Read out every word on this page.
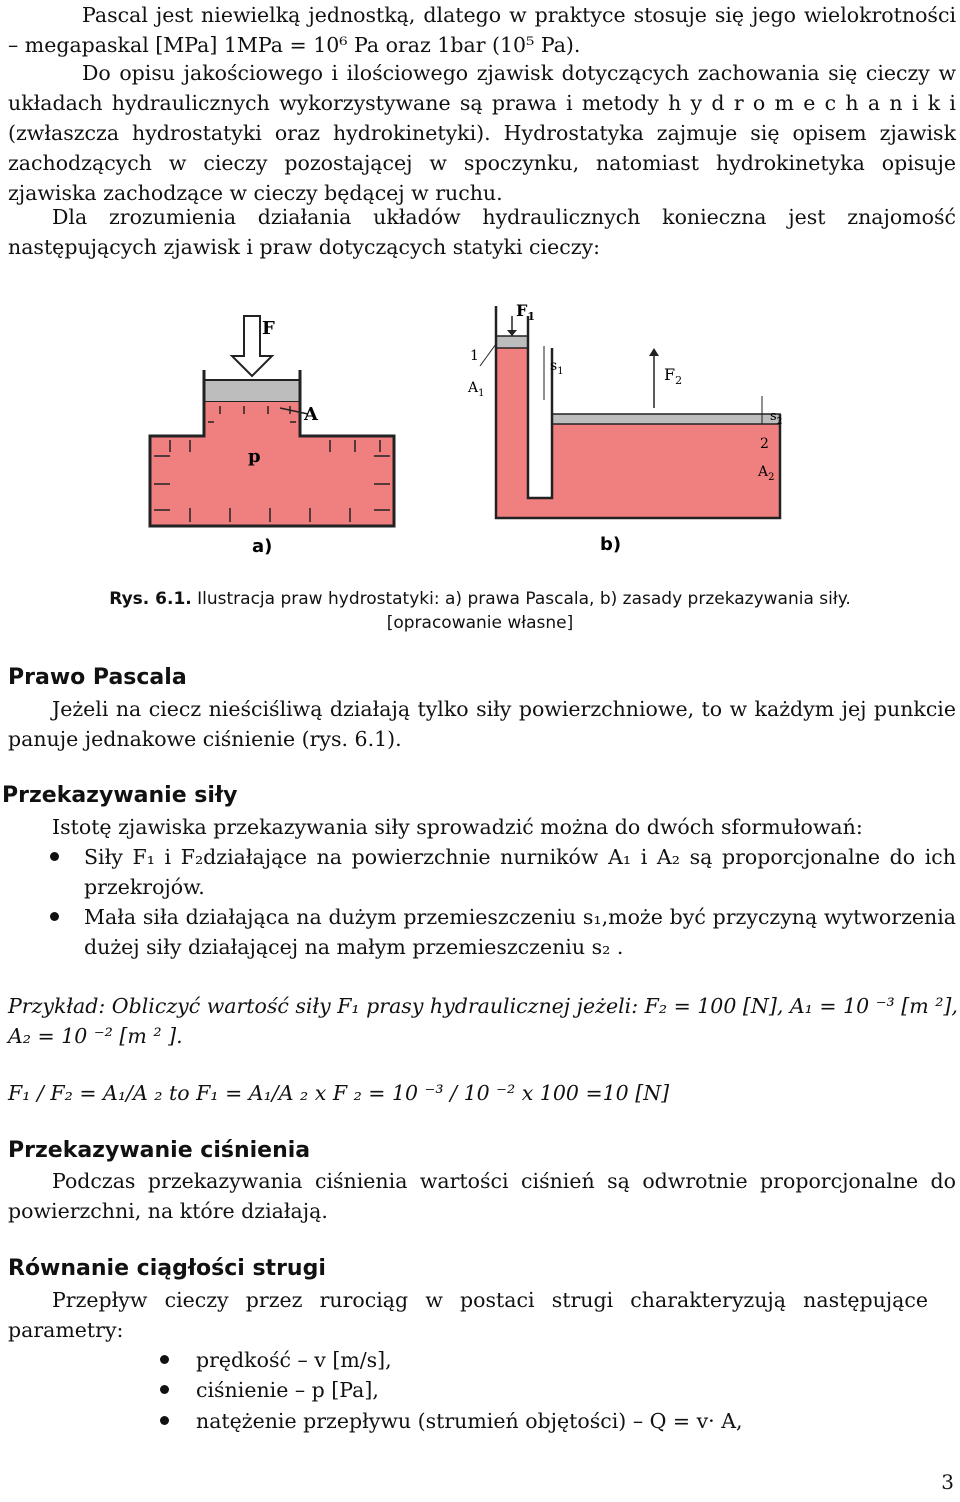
Pascal jest niewielką jednostką, dlatego w praktyce stosuje się jego wielokrotności – megapaskal [MPa] 1MPa = 10⁶ Pa oraz 1bar (10⁵ Pa).

Do opisu jakościowego i ilościowego zjawisk dotyczących zachowania się cieczy w układach hydraulicznych wykorzystywane są prawa i metody h y d r o m e c h a n i k i (zwłaszcza hydrostatyki oraz hydrokinetyki). Hydrostatyka zajmuje się opisem zjawisk zachodzących w cieczy pozostającej w spoczynku, natomiast hydrokinetyka opisuje zjawiska zachodzące w cieczy będącej w ruchu.

Dla zrozumienia działania układów hydraulicznych konieczna jest znajomość następujących zjawisk i praw dotyczących statyki cieczy:

F
A
p
a)
$F_1$
$s_1$
1
$A_1$
$F_2$
$s_2$
2
$A_2$
b)
Rys. 6.1. Ilustracja praw hydrostatyki: a) prawa Pascala, b) zasady przekazywania siły.
[opracowanie własne]
Prawo Pascala

Jeżeli na ciecz nieściśliwą działają tylko siły powierzchniowe, to w każdym jej punkcie panuje jednakowe ciśnienie (rys. 6.1).

Przekazywanie siły

Istotę zjawiska przekazywania siły sprowadzić można do dwóch sformułowań:

Siły F₁ i F₂działające na powierzchnie nurników A₁ i A₂ są proporcjonalne do ich przekrojów.
Mała siła działająca na dużym przemieszczeniu s₁,może być przyczyną wytworzenia dużej siły działającej na małym przemieszczeniu s₂ .
Przykład: Obliczyć wartość siły F₁ prasy hydraulicznej jeżeli: F₂ = 100 [N], A₁ = 10 ⁻³ [m ²],
A₂ = 10 ⁻² [m ² ].
F₁ / F₂ = A₁/A ₂ to F₁ = A₁/A ₂ x F ₂ = 10 ⁻³ / 10 ⁻² x 100 =10 [N]
Przekazywanie ciśnienia

Podczas przekazywania ciśnienia wartości ciśnień są odwrotnie proporcjonalne do powierzchni, na które działają.

Równanie ciągłości strugi

Przepływ cieczy przez rurociąg w postaci strugi charakteryzują następujące parametry:

prędkość – v [m/s],
ciśnienie – p [Pa],
natężenie przepływu (strumień objętości) – Q = v· A,
3
